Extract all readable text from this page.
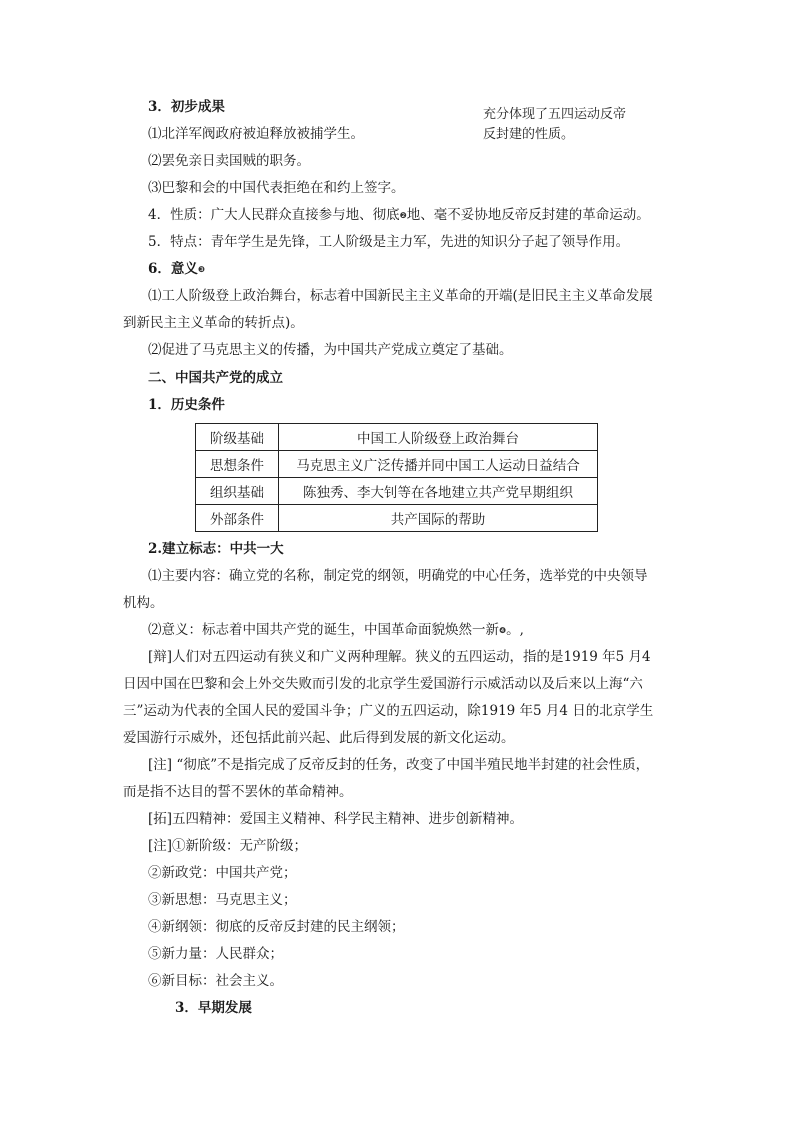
充分体现了五四运动反帝
反封建的性质。
3．初步成果
⑴北洋军阀政府被迫释放被捕学生。
⑵罢免亲日卖国贼的职务。
⑶巴黎和会的中国代表拒绝在和约上签字。
4．性质：广大人民群众直接参与地、彻底❷地、毫不妥协地反帝反封建的革命运动。
5．特点：青年学生是先锋，工人阶级是主力军，先进的知识分子起了领导作用。
6．意义❸
⑴工人阶级登上政治舞台，标志着中国新民主主义革命的开端(是旧民主主义革命发展
到新民主主义革命的转折点)。
⑵促进了马克思主义的传播，为中国共产党成立奠定了基础。
二、中国共产党的成立
1．历史条件
阶级基础	中国工人阶级登上政治舞台
思想条件	马克思主义广泛传播并同中国工人运动日益结合
组织基础	陈独秀、李大钊等在各地建立共产党早期组织
外部条件	共产国际的帮助
2.建立标志：中共一大
⑴主要内容：确立党的名称，制定党的纲领，明确党的中心任务，选举党的中央领导
机构。
⑵意义：标志着中国共产党的诞生，中国革命面貌焕然一新❹。,
[辩]人们对五四运动有狭义和广义两种理解。狭义的五四运动，指的是1919 年5 月4
日因中国在巴黎和会上外交失败而引发的北京学生爱国游行示威活动以及后来以上海“六
三”运动为代表的全国人民的爱国斗争；广义的五四运动，除1919 年5 月4 日的北京学生
爱国游行示威外，还包括此前兴起、此后得到发展的新文化运动。
[注] “彻底”不是指完成了反帝反封的任务，改变了中国半殖民地半封建的社会性质，
而是指不达目的誓不罢休的革命精神。
[拓]五四精神：爱国主义精神、科学民主精神、进步创新精神。
[注]①新阶级：无产阶级；
②新政党：中国共产党；
③新思想：马克思主义；
④新纲领：彻底的反帝反封建的民主纲领；
⑤新力量：人民群众；
⑥新目标：社会主义。
3．早期发展
